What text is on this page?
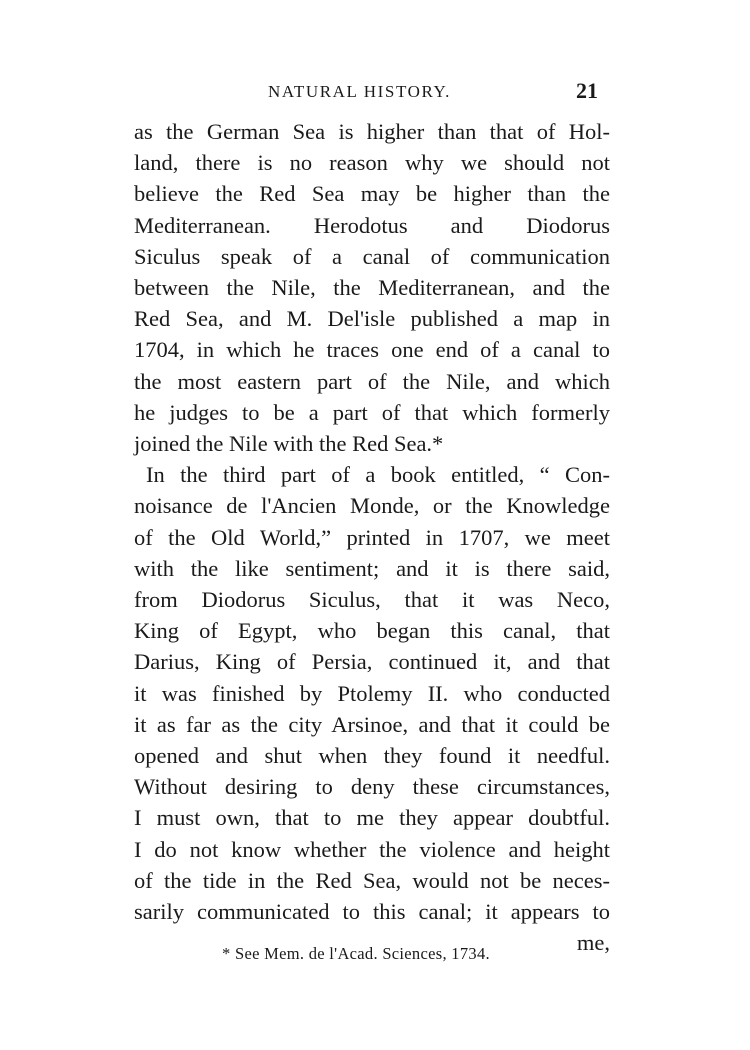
NATURAL HISTORY.	21
as the German Sea is higher than that of Hol-
land, there is no reason why we should not
believe the Red Sea may be higher than the
Mediterranean. Herodotus and Diodorus
Siculus speak of a canal of communication
between the Nile, the Mediterranean, and the
Red Sea, and M. Del'isle published a map in
1704, in which he traces one end of a canal to
the most eastern part of the Nile, and which
he judges to be a part of that which formerly
joined the Nile with the Red Sea.*
In the third part of a book entitled, “ Con-
noisance de l'Ancien Monde, or the Knowledge
of the Old World,” printed in 1707, we meet
with the like sentiment; and it is there said,
from Diodorus Siculus, that it was Neco,
King of Egypt, who began this canal, that
Darius, King of Persia, continued it, and that
it was finished by Ptolemy II. who conducted
it as far as the city Arsinoe, and that it could be
opened and shut when they found it needful.
Without desiring to deny these circumstances,
I must own, that to me they appear doubtful.
I do not know whether the violence and height
of the tide in the Red Sea, would not be neces-
sarily communicated to this canal; it appears to
me,
* See Mem. de l'Acad. Sciences, 1734.
